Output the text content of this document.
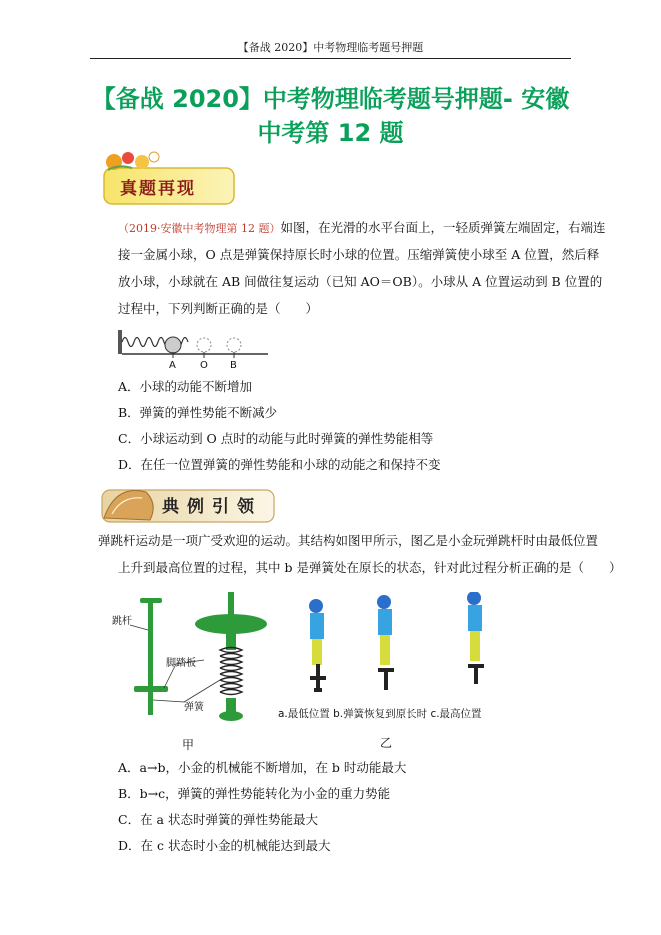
【备战 2020】中考物理临考题号押题
【备战 2020】中考物理临考题号押题- 安徽
中考第 12 题
真题再现
（2019·安徽中考物理第 12 题）如图，在光滑的水平台面上，一轻质弹簧左端固定，右端连
接一金属小球，O 点是弹簧保持原长时小球的位置。压缩弹簧使小球至 A 位置，然后释
放小球，小球就在 AB 间做往复运动（已知 AO＝OB）。小球从 A 位置运动到 B 位置的
过程中，下列判断正确的是（　　）
A O B
A．小球的动能不断增加
B．弹簧的弹性势能不断减少
C．小球运动到 O 点时的动能与此时弹簧的弹性势能相等
D．在任一位置弹簧的弹性势能和小球的动能之和保持不变
典例引领
弹跳杆运动是一项广受欢迎的运动。其结构如图甲所示，图乙是小金玩弹跳杆时由最低位置
上升到最高位置的过程，其中 b 是弹簧处在原长的状态，针对此过程分析正确的是（　　）
跳杆
脚踏板
弹簧
甲
a.最低位置 b.弹簧恢复到原长时 c.最高位置
乙
A．a→b，小金的机械能不断增加，在 b 时动能最大
B．b→c，弹簧的弹性势能转化为小金的重力势能
C．在 a 状态时弹簧的弹性势能最大
D．在 c 状态时小金的机械能达到最大
